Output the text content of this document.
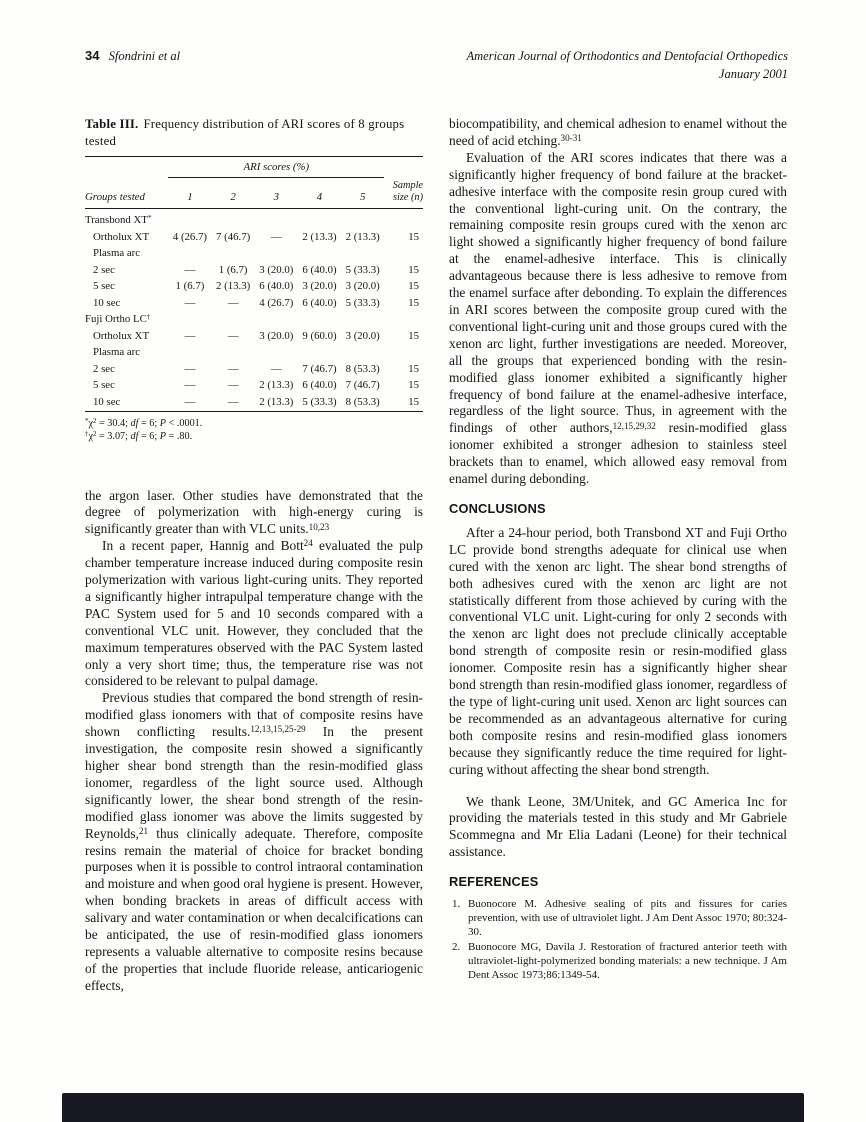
34 Sfondrini et al	American Journal of Orthodontics and Dentofacial Orthopedics
January 2001
Table III. Frequency distribution of ARI scores of 8 groups tested
	ARI scores (%)					
Groups tested	1	2	3	4	5	Sample size (n)
Transbond XT*						
Ortholux XT	4 (26.7)	7 (46.7)	—	2 (13.3)	2 (13.3)	15
Plasma arc						
2 sec	—	1 (6.7)	3 (20.0)	6 (40.0)	5 (33.3)	15
5 sec	1 (6.7)	2 (13.3)	6 (40.0)	3 (20.0)	3 (20.0)	15
10 sec	—	—	4 (26.7)	6 (40.0)	5 (33.3)	15
Fuji Ortho LC†						
Ortholux XT	—	—	3 (20.0)	9 (60.0)	3 (20.0)	15
Plasma arc						
2 sec	—	—	—	7 (46.7)	8 (53.3)	15
5 sec	—	—	2 (13.3)	6 (40.0)	7 (46.7)	15
10 sec	—	—	2 (13.3)	5 (33.3)	8 (53.3)	15
$^*\chi^2 = 30.4$; df = 6; P < .0001.
$^\dagger\chi^2 = 3.07$; df = 6; P = .80.

the argon laser. Other studies have demonstrated that the degree of polymerization with high-energy curing is significantly greater than with VLC units.$^{10,23}$

In a recent paper, Hannig and Bott$^{24}$ evaluated the pulp chamber temperature increase induced during composite resin polymerization with various light-curing units. They reported a significantly higher intrapulpal temperature change with the PAC System used for 5 and 10 seconds compared with a conventional VLC unit. However, they concluded that the maximum temperatures observed with the PAC System lasted only a very short time; thus, the temperature rise was not considered to be relevant to pulpal damage.

Previous studies that compared the bond strength of resin-modified glass ionomers with that of composite resins have shown conflicting results.$^{12,13,15,25-29}$ In the present investigation, the composite resin showed a significantly higher shear bond strength than the resin-modified glass ionomer, regardless of the light source used. Although significantly lower, the shear bond strength of the resin-modified glass ionomer was above the limits suggested by Reynolds,$^{21}$ thus clinically adequate. Therefore, composite resins remain the material of choice for bracket bonding purposes when it is possible to control intraoral contamination and moisture and when good oral hygiene is present. However, when bonding brackets in areas of difficult access with salivary and water contamination or when decalcifications can be anticipated, the use of resin-modified glass ionomers represents a valuable alternative to composite resins because of the properties that include fluoride release, anticariogenic effects,

biocompatibility, and chemical adhesion to enamel without the need of acid etching.$^{30-31}$

Evaluation of the ARI scores indicates that there was a significantly higher frequency of bond failure at the bracket-adhesive interface with the composite resin group cured with the conventional light-curing unit. On the contrary, the remaining composite resin groups cured with the xenon arc light showed a significantly higher frequency of bond failure at the enamel-adhesive interface. This is clinically advantageous because there is less adhesive to remove from the enamel surface after debonding. To explain the differences in ARI scores between the composite group cured with the conventional light-curing unit and those groups cured with the xenon arc light, further investigations are needed. Moreover, all the groups that experienced bonding with the resin-modified glass ionomer exhibited a significantly higher frequency of bond failure at the enamel-adhesive interface, regardless of the light source. Thus, in agreement with the findings of other authors,$^{12,15,29,32}$ resin-modified glass ionomer exhibited a stronger adhesion to stainless steel brackets than to enamel, which allowed easy removal from enamel during debonding.

CONCLUSIONS

After a 24-hour period, both Transbond XT and Fuji Ortho LC provide bond strengths adequate for clinical use when cured with the xenon arc light. The shear bond strengths of both adhesives cured with the xenon arc light are not statistically different from those achieved by curing with the conventional VLC unit. Light-curing for only 2 seconds with the xenon arc light does not preclude clinically acceptable bond strength of composite resin or resin-modified glass ionomer. Composite resin has a significantly higher shear bond strength than resin-modified glass ionomer, regardless of the type of light-curing unit used. Xenon arc light sources can be recommended as an advantageous alternative for curing both composite resins and resin-modified glass ionomers because they significantly reduce the time required for light-curing without affecting the shear bond strength.

We thank Leone, 3M/Unitek, and GC America Inc for providing the materials tested in this study and Mr Gabriele Scommegna and Mr Elia Ladani (Leone) for their technical assistance.

REFERENCES
Buonocore M. Adhesive sealing of pits and fissures for caries prevention, with use of ultraviolet light. J Am Dent Assoc 1970; 80:324-30.
Buonocore MG, Davila J. Restoration of fractured anterior teeth with ultraviolet-light-polymerized bonding materials: a new technique. J Am Dent Assoc 1973;86:1349-54.
